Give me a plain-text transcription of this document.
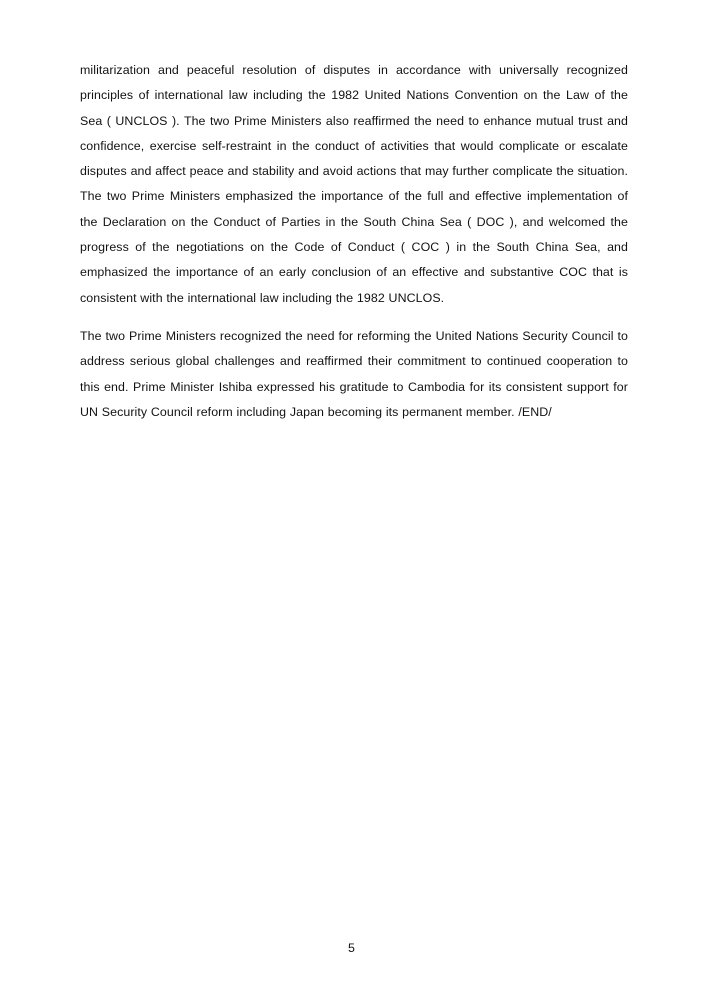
militarization and peaceful resolution of disputes in accordance with universally recognized principles of international law including the 1982 United Nations Convention on the Law of the Sea ( UNCLOS ). The two Prime Ministers also reaffirmed the need to enhance mutual trust and confidence, exercise self-restraint in the conduct of activities that would complicate or escalate disputes and affect peace and stability and avoid actions that may further complicate the situation. The two Prime Ministers emphasized the importance of the full and effective implementation of the Declaration on the Conduct of Parties in the South China Sea ( DOC ), and welcomed the progress of the negotiations on the Code of Conduct ( COC ) in the South China Sea, and emphasized the importance of an early conclusion of an effective and substantive COC that is consistent with the international law including the 1982 UNCLOS.

The two Prime Ministers recognized the need for reforming the United Nations Security Council to address serious global challenges and reaffirmed their commitment to continued cooperation to this end. Prime Minister Ishiba expressed his gratitude to Cambodia for its consistent support for UN Security Council reform including Japan becoming its permanent member. /END/

5
